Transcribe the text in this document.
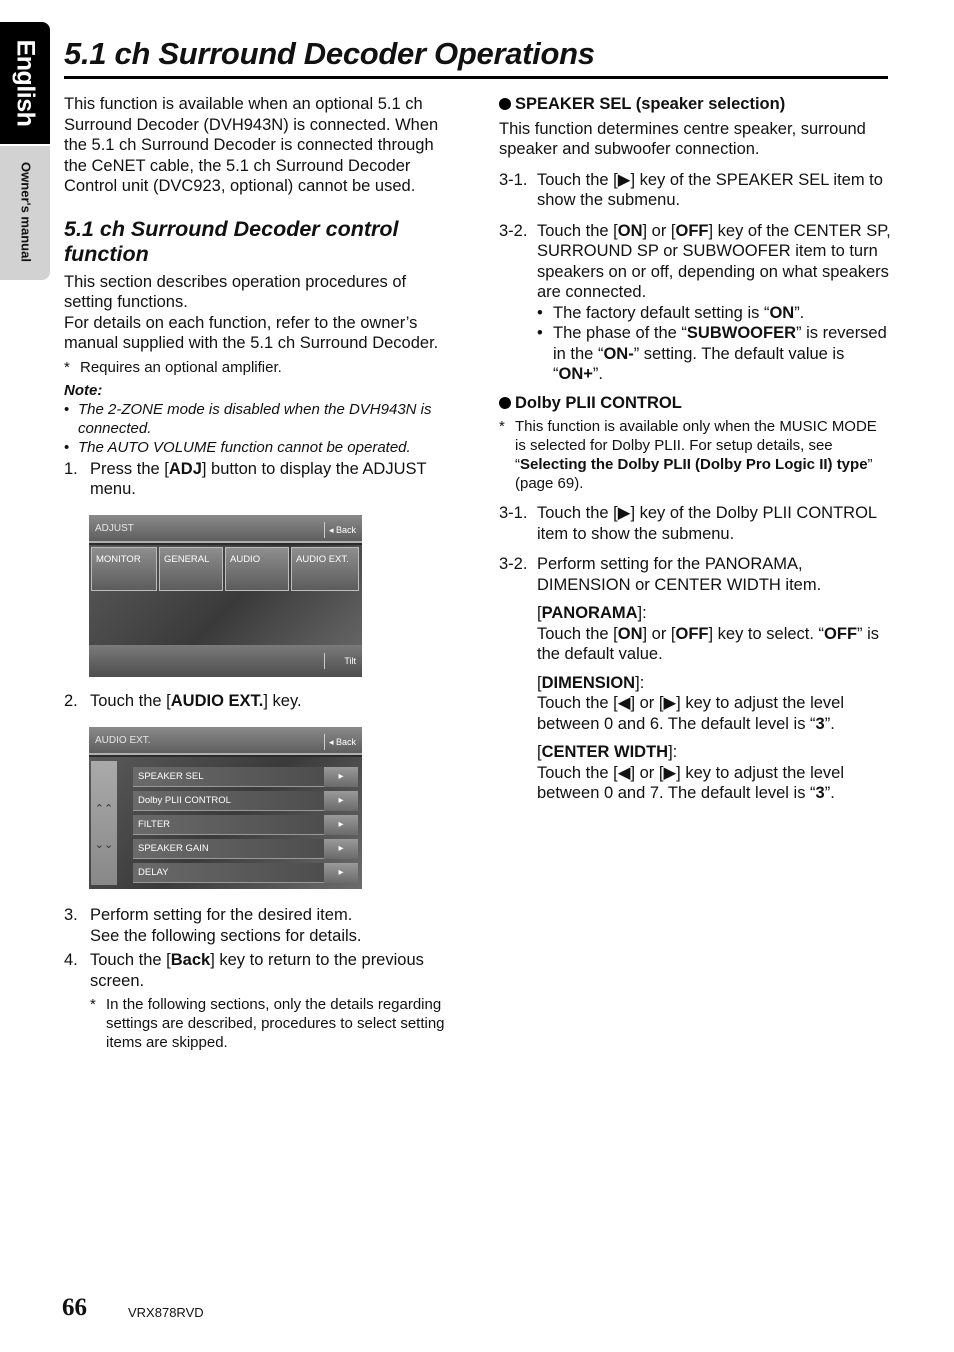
English
Owner's manual
5.1 ch Surround Decoder Operations

This function is available when an optional 5.1 ch Surround Decoder (DVH943N) is connected. When the 5.1 ch Surround Decoder is connected through the CeNET cable, the 5.1 ch Surround Decoder Control unit (DVC923, optional) cannot be used.

5.1 ch Surround Decoder control function

This section describes operation procedures of setting functions.

For details on each function, refer to the owner’s manual supplied with the 5.1 ch Surround Decoder.

* Requires an optional amplifier.

Note:

• The 2-ZONE mode is disabled when the DVH943N is connected.

• The AUTO VOLUME function cannot be operated.

1. Press the [ADJ] button to display the ADJUST menu.
ADJUST	◂ Back
MONITOR	GENERAL	AUDIO	AUDIO EXT.
Tilt
2. Touch the [AUDIO EXT.] key.
AUDIO EXT.	◂ Back
⌃⌃
⌄⌄
SPEAKER SEL	▸
Dolby PLII CONTROL	▸
FILTER	▸
SPEAKER GAIN	▸
DELAY	▸
3. Perform setting for the desired item.
See the following sections for details.
4. Touch the [Back] key to return to the previous screen.

* In the following sections, only the details regarding settings are described, procedures to select setting items are skipped.

SPEAKER SEL (speaker selection)

This function determines centre speaker, surround speaker and subwoofer connection.

3-1. Touch the [▶] key of the SPEAKER SEL item to show the submenu.
3-2. Touch the [ON] or [OFF] key of the CENTER SP, SURROUND SP or SUBWOOFER item to turn speakers on or off, depending on what speakers are connected.

• The factory default setting is “ON”.

• The phase of the “SUBWOOFER” is reversed in the “ON-” setting. The default value is “ON+”.

Dolby PLII CONTROL

* This function is available only when the MUSIC MODE is selected for Dolby PLII. For setup details, see “Selecting the Dolby PLII (Dolby Pro Logic II) type” (page 69).

3-1. Touch the [▶] key of the Dolby PLII CONTROL item to show the submenu.
3-2. Perform setting for the PANORAMA, DIMENSION or CENTER WIDTH item.

[PANORAMA]:

Touch the [ON] or [OFF] key to select. “OFF” is the default value.

[DIMENSION]:

Touch the [◀] or [▶] key to adjust the level between 0 and 6. The default level is “3”.

[CENTER WIDTH]:

Touch the [◀] or [▶] key to adjust the level between 0 and 7. The default level is “3”.

66	VRX878RVD
